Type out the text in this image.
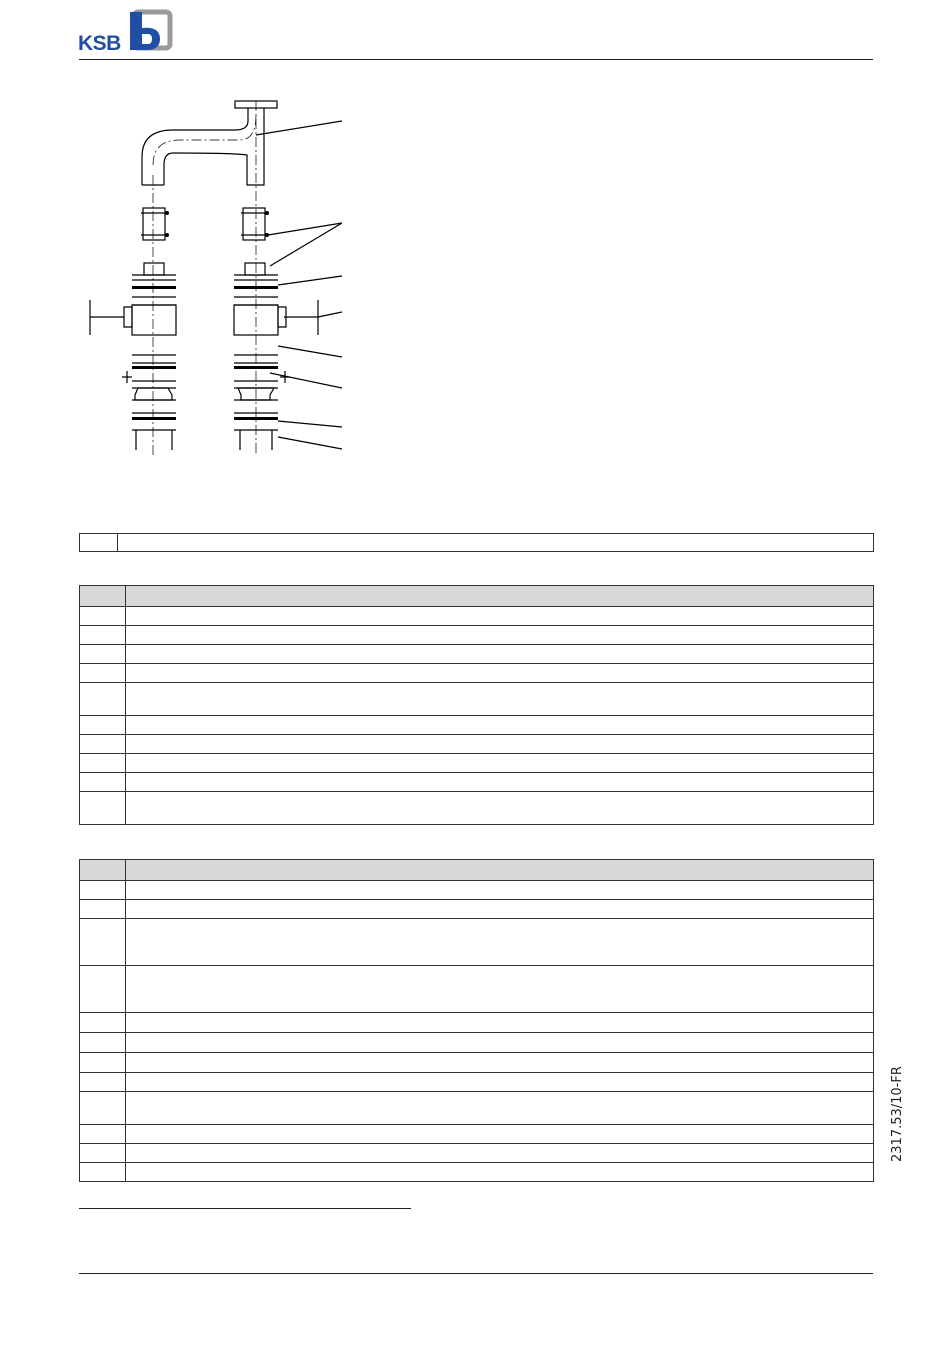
KSB

2317.53/10-FR
